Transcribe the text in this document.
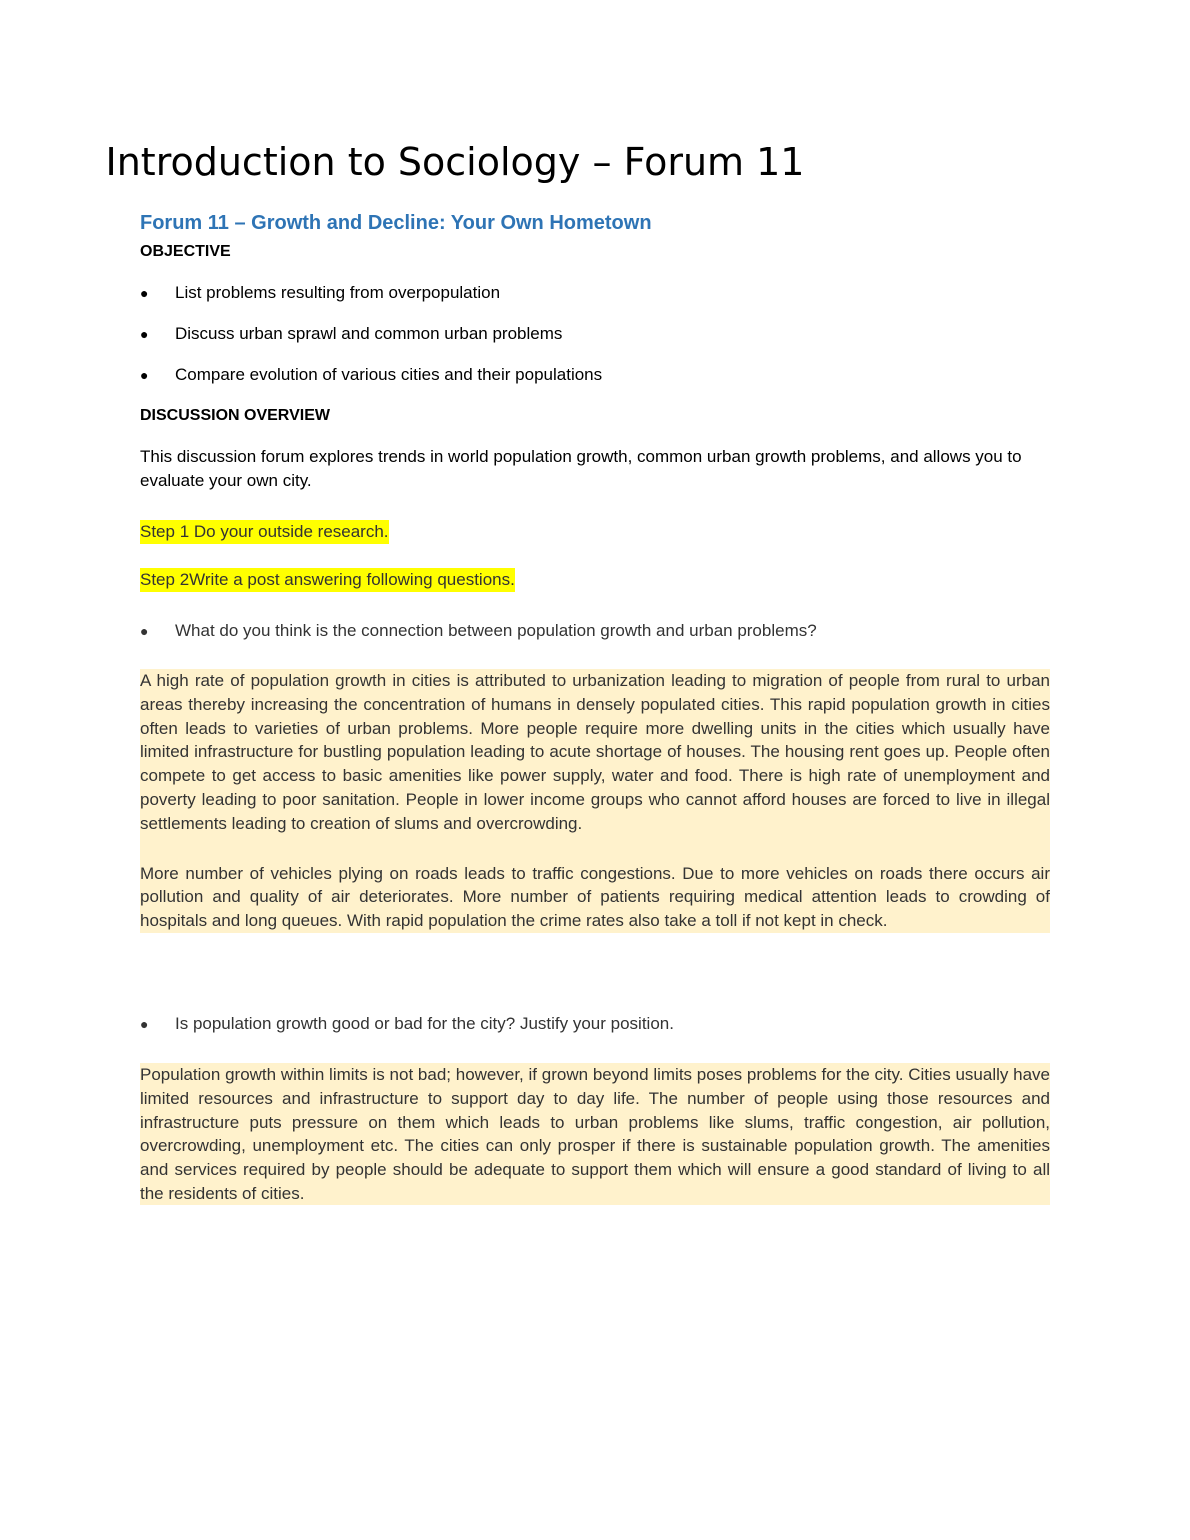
Introduction to Sociology – Forum 11
Forum 11 – Growth and Decline: Your Own Hometown
OBJECTIVE
● List problems resulting from overpopulation
● Discuss urban sprawl and common urban problems
● Compare evolution of various cities and their populations
DISCUSSION OVERVIEW

This discussion forum explores trends in world population growth, common urban growth problems, and allows you to evaluate your own city.

Step 1 Do your outside research.
Step 2Write a post answering following questions.
● What do you think is the connection between population growth and urban problems?

A high rate of population growth in cities is attributed to urbanization leading to migration of people from rural to urban areas thereby increasing the concentration of humans in densely populated cities. This rapid population growth in cities often leads to varieties of urban problems. More people require more dwelling units in the cities which usually have limited infrastructure for bustling population leading to acute shortage of houses. The housing rent goes up. People often compete to get access to basic amenities like power supply, water and food. There is high rate of unemployment and poverty leading to poor sanitation. People in lower income groups who cannot afford houses are forced to live in illegal settlements leading to creation of slums and overcrowding.

More number of vehicles plying on roads leads to traffic congestions. Due to more vehicles on roads there occurs air pollution and quality of air deteriorates. More number of patients requiring medical attention leads to crowding of hospitals and long queues. With rapid population the crime rates also take a toll if not kept in check.

● Is population growth good or bad for the city? Justify your position.

Population growth within limits is not bad; however, if grown beyond limits poses problems for the city. Cities usually have limited resources and infrastructure to support day to day life. The number of people using those resources and infrastructure puts pressure on them which leads to urban problems like slums, traffic congestion, air pollution, overcrowding, unemployment etc. The cities can only prosper if there is sustainable population growth. The amenities and services required by people should be adequate to support them which will ensure a good standard of living to all the residents of cities.
